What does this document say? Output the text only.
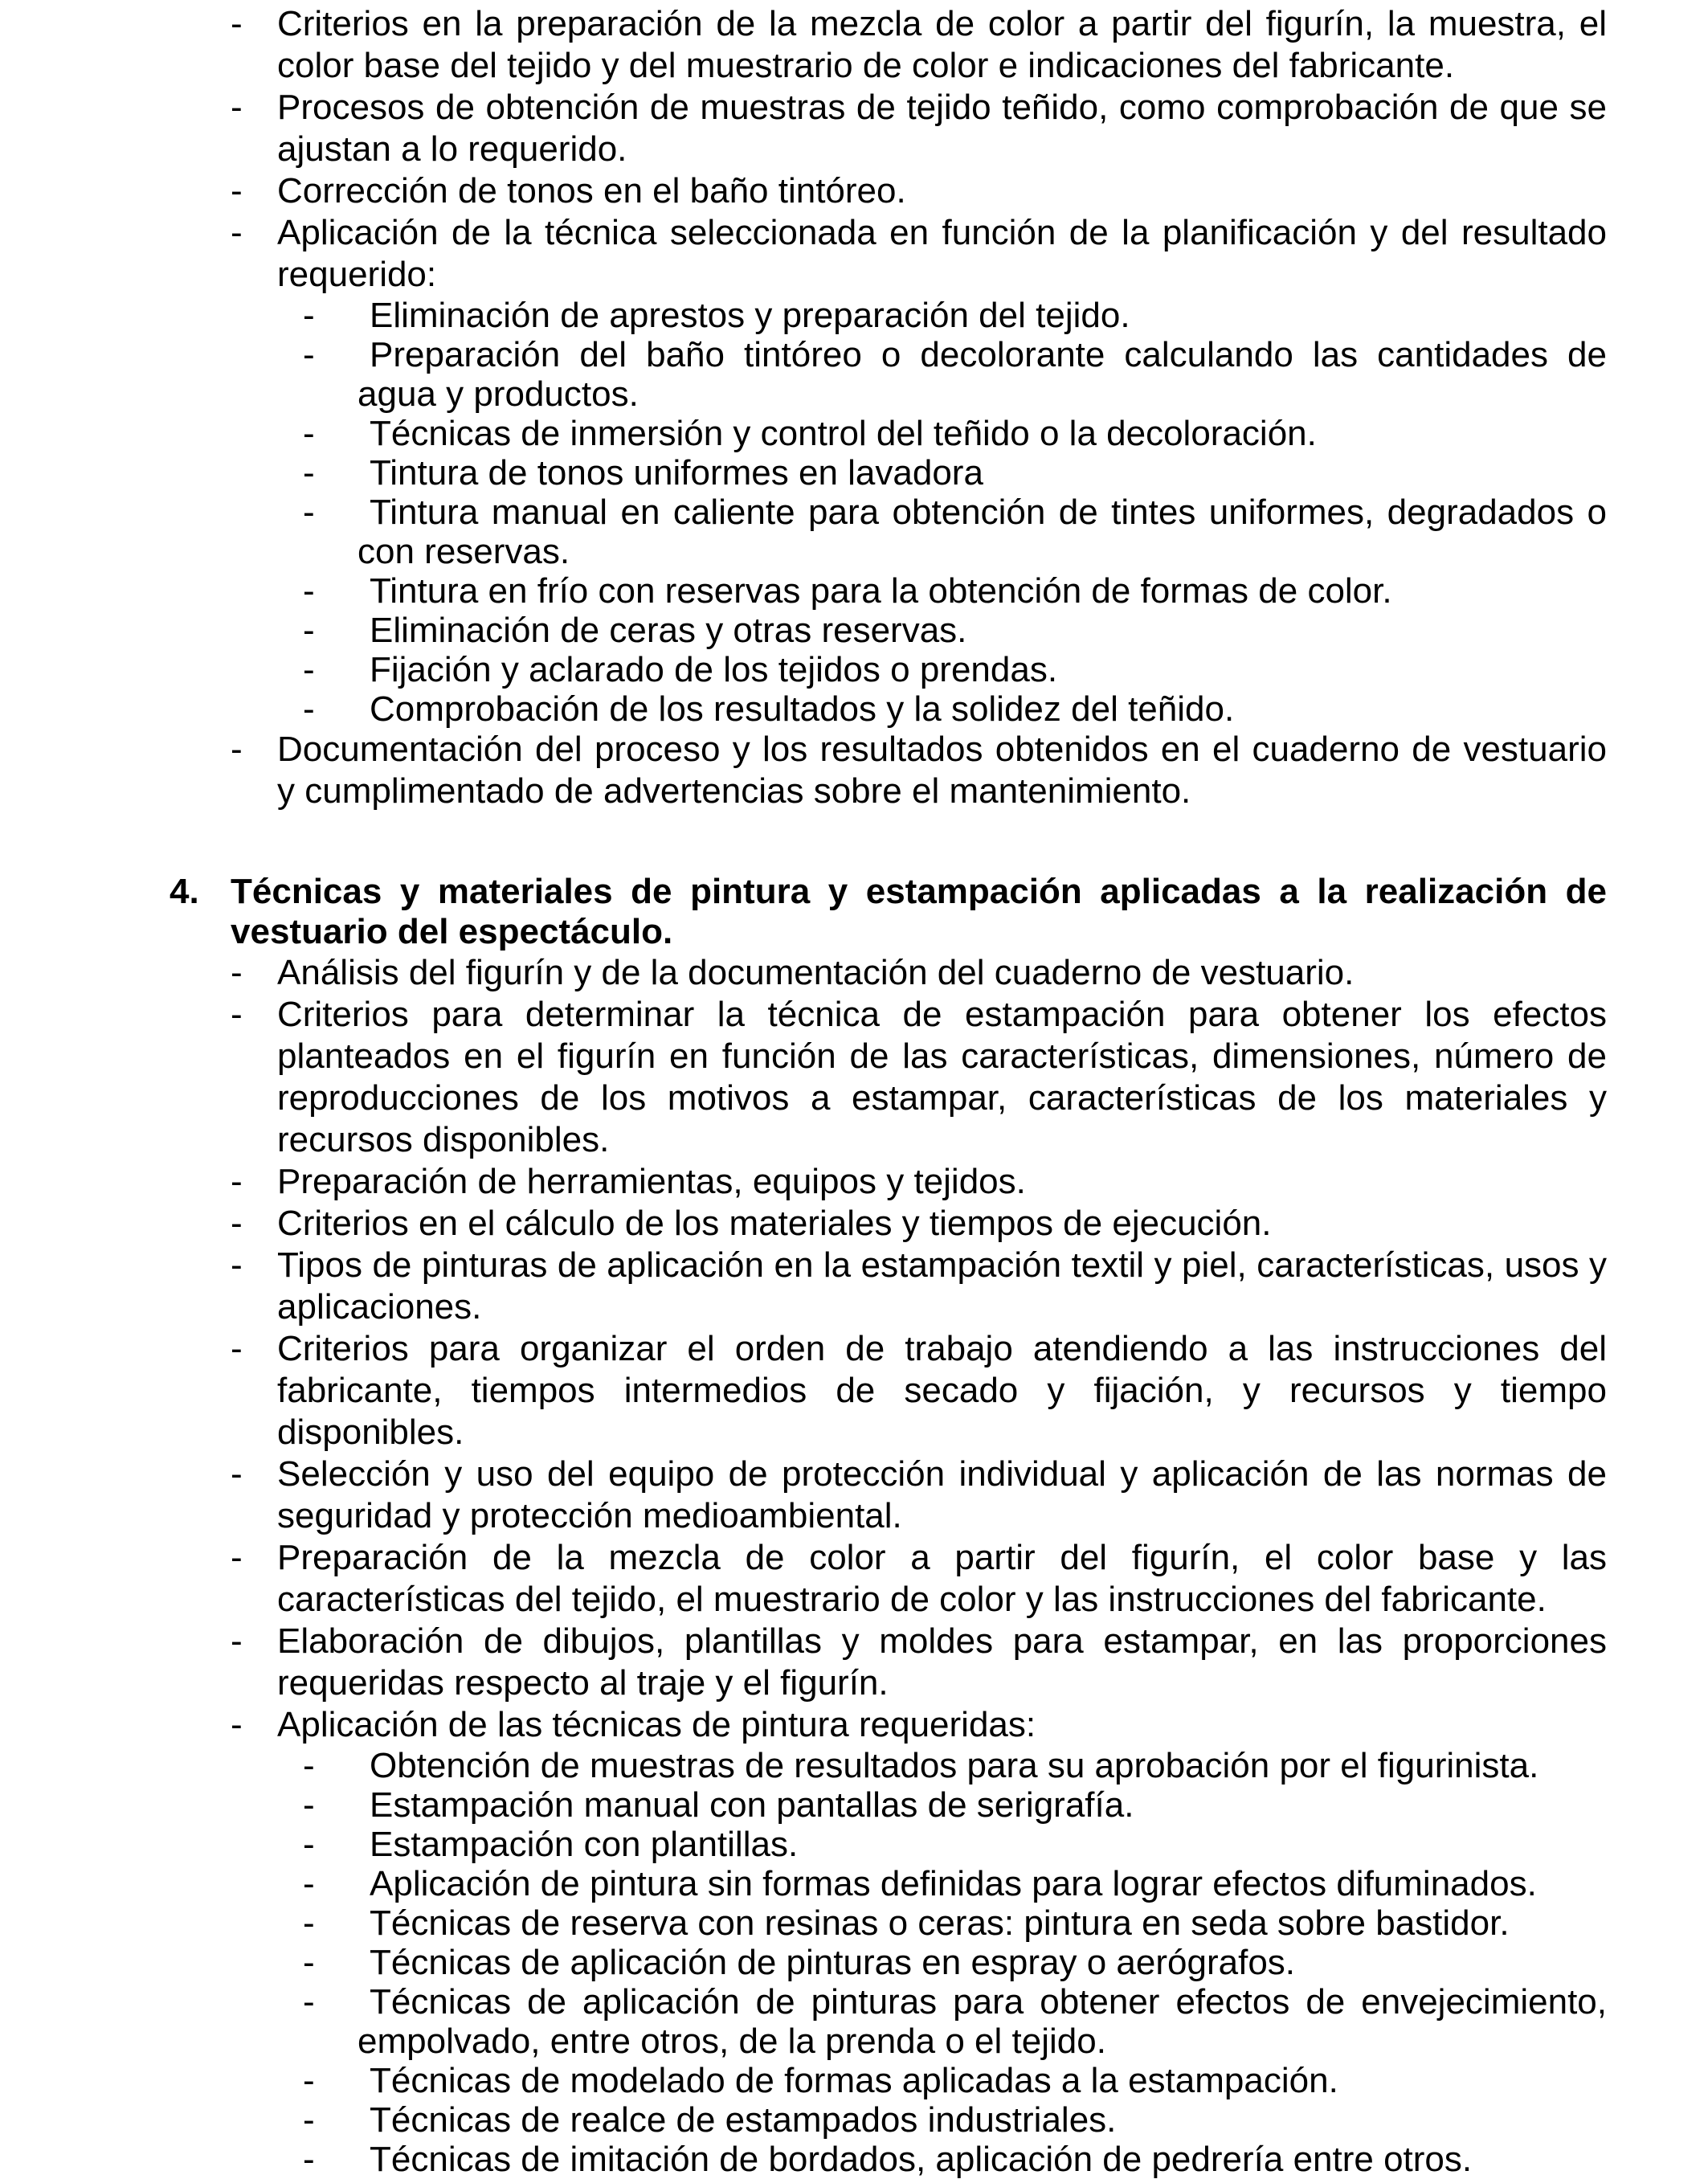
- Criterios en la preparación de la mezcla de color a partir del figurín, la muestra, el color base del tejido y del muestrario de color e indicaciones del fabricante.
- Procesos de obtención de muestras de tejido teñido, como comprobación de que se ajustan a lo requerido.
- Corrección de tonos en el baño tintóreo.
- Aplicación de la técnica seleccionada en función de la planificación y del resultado requerido:
- Eliminación de aprestos y preparación del tejido.
- Preparación del baño tintóreo o decolorante calculando las cantidades de agua y productos.
- Técnicas de inmersión y control del teñido o la decoloración.
- Tintura de tonos uniformes en lavadora
- Tintura manual en caliente para obtención de tintes uniformes, degradados o con reservas.
- Tintura en frío con reservas para la obtención de formas de color.
- Eliminación de ceras y otras reservas.
- Fijación y aclarado de los tejidos o prendas.
- Comprobación de los resultados y la solidez del teñido.
- Documentación del proceso y los resultados obtenidos en el cuaderno de vestuario y cumplimentado de advertencias sobre el mantenimiento.
4. Técnicas y materiales de pintura y estampación aplicadas a la realización de vestuario del espectáculo.
- Análisis del figurín y de la documentación del cuaderno de vestuario.
- Criterios para determinar la técnica de estampación para obtener los efectos planteados en el figurín en función de las características, dimensiones, número de reproducciones de los motivos a estampar, características de los materiales y recursos disponibles.
- Preparación de herramientas, equipos y tejidos.
- Criterios en el cálculo de los materiales y tiempos de ejecución.
- Tipos de pinturas de aplicación en la estampación textil y piel, características, usos y aplicaciones.
- Criterios para organizar el orden de trabajo atendiendo a las instrucciones del fabricante, tiempos intermedios de secado y fijación, y recursos y tiempo disponibles.
- Selección y uso del equipo de protección individual y aplicación de las normas de seguridad y protección medioambiental.
- Preparación de la mezcla de color a partir del figurín, el color base y las características del tejido, el muestrario de color y las instrucciones del fabricante.
- Elaboración de dibujos, plantillas y moldes para estampar, en las proporciones requeridas respecto al traje y el figurín.
- Aplicación de las técnicas de pintura requeridas:
- Obtención de muestras de resultados para su aprobación por el figurinista.
- Estampación manual con pantallas de serigrafía.
- Estampación con plantillas.
- Aplicación de pintura sin formas definidas para lograr efectos difuminados.
- Técnicas de reserva con resinas o ceras: pintura en seda sobre bastidor.
- Técnicas de aplicación de pinturas en espray o aerógrafos.
- Técnicas de aplicación de pinturas para obtener efectos de envejecimiento, empolvado, entre otros, de la prenda o el tejido.
- Técnicas de modelado de formas aplicadas a la estampación.
- Técnicas de realce de estampados industriales.
- Técnicas de imitación de bordados, aplicación de pedrería entre otros.
